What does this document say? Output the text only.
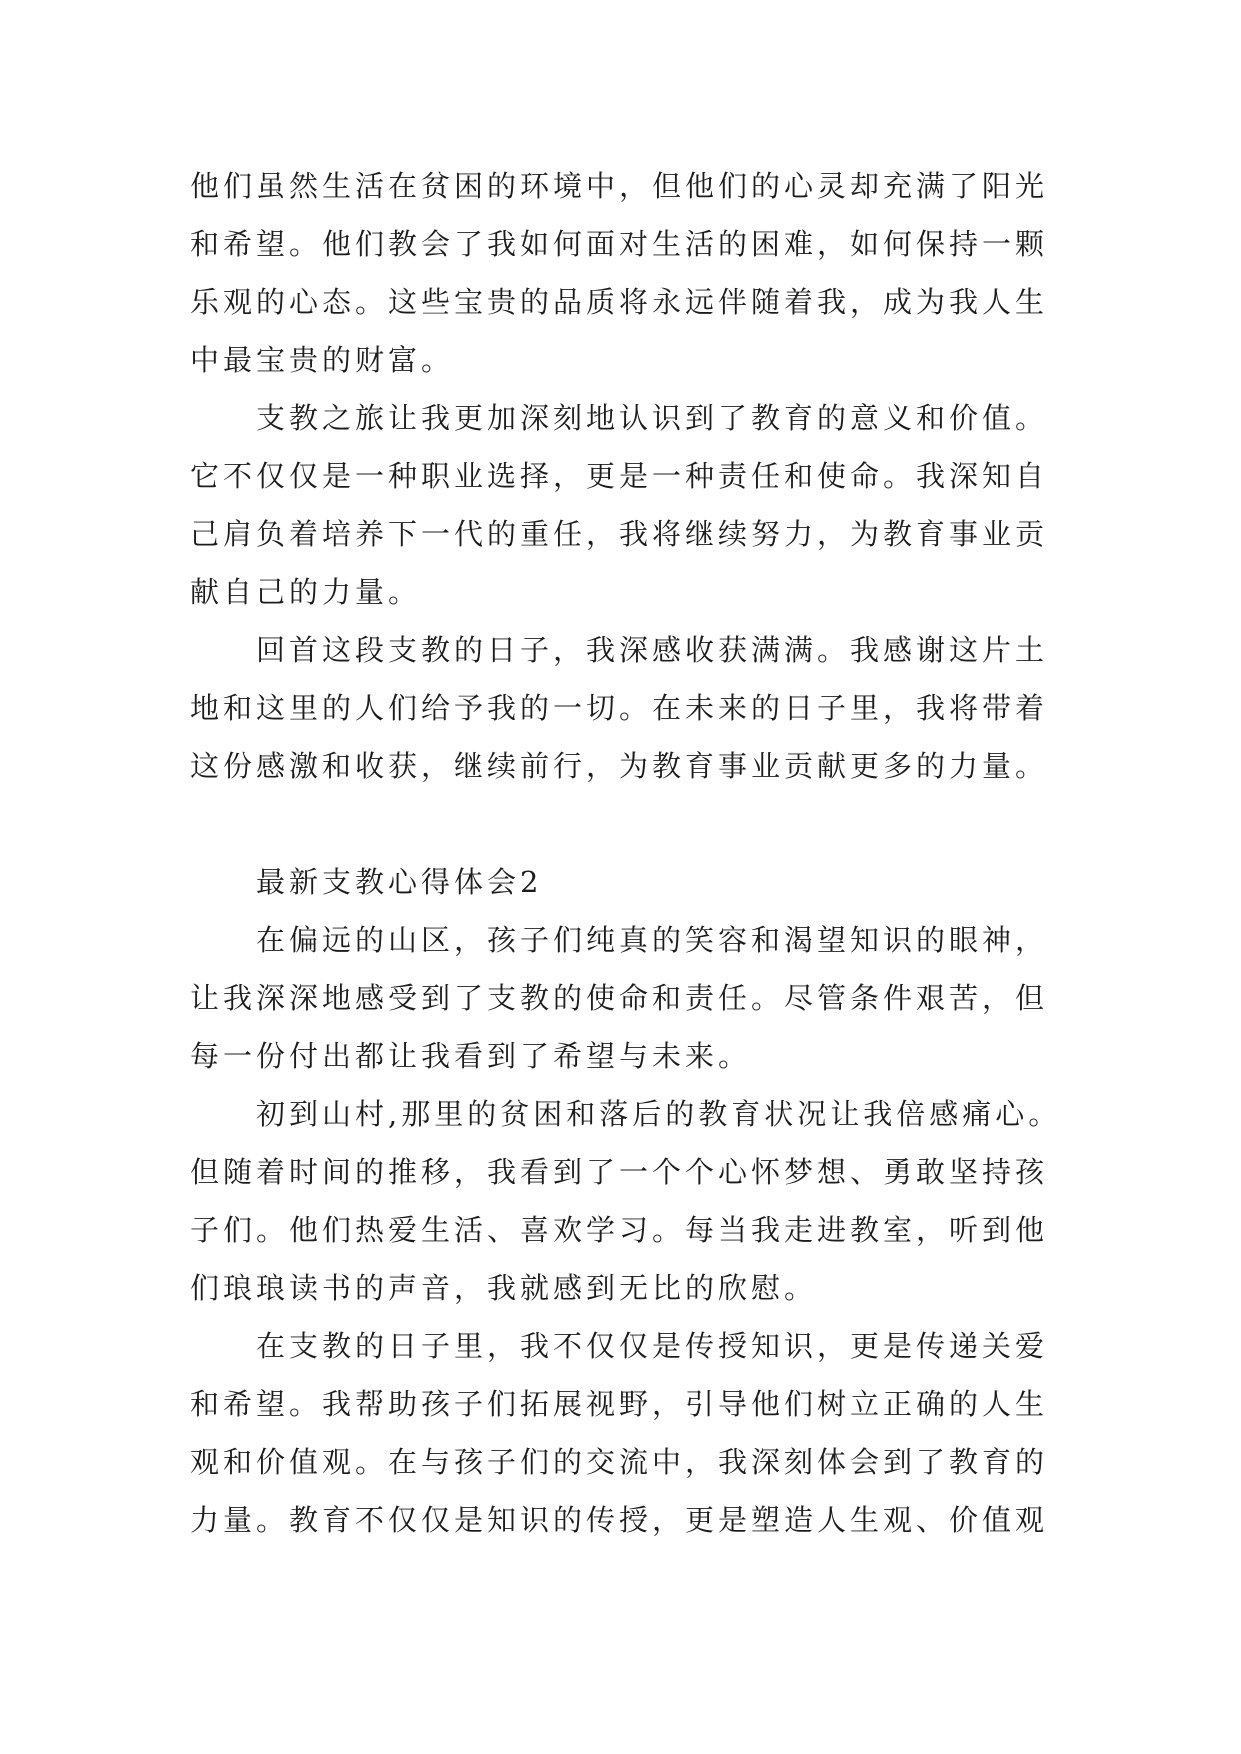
他们虽然生活在贫困的环境中，但他们的心灵却充满了阳光
和希望。他们教会了我如何面对生活的困难，如何保持一颗
乐观的心态。这些宝贵的品质将永远伴随着我，成为我人生
中最宝贵的财富。
支教之旅让我更加深刻地认识到了教育的意义和价值。
它不仅仅是一种职业选择，更是一种责任和使命。我深知自
己肩负着培养下一代的重任，我将继续努力，为教育事业贡
献自己的力量。
回首这段支教的日子，我深感收获满满。我感谢这片土
地和这里的人们给予我的一切。在未来的日子里，我将带着
这份感激和收获，继续前行，为教育事业贡献更多的力量。
最新支教心得体会2
在偏远的山区，孩子们纯真的笑容和渴望知识的眼神，
让我深深地感受到了支教的使命和责任。尽管条件艰苦，但
每一份付出都让我看到了希望与未来。
初到山村,那里的贫困和落后的教育状况让我倍感痛心。
但随着时间的推移，我看到了一个个心怀梦想、勇敢坚持孩
子们。他们热爱生活、喜欢学习。每当我走进教室，听到他
们琅琅读书的声音，我就感到无比的欣慰。
在支教的日子里，我不仅仅是传授知识，更是传递关爱
和希望。我帮助孩子们拓展视野，引导他们树立正确的人生
观和价值观。在与孩子们的交流中，我深刻体会到了教育的
力量。教育不仅仅是知识的传授，更是塑造人生观、价值观
